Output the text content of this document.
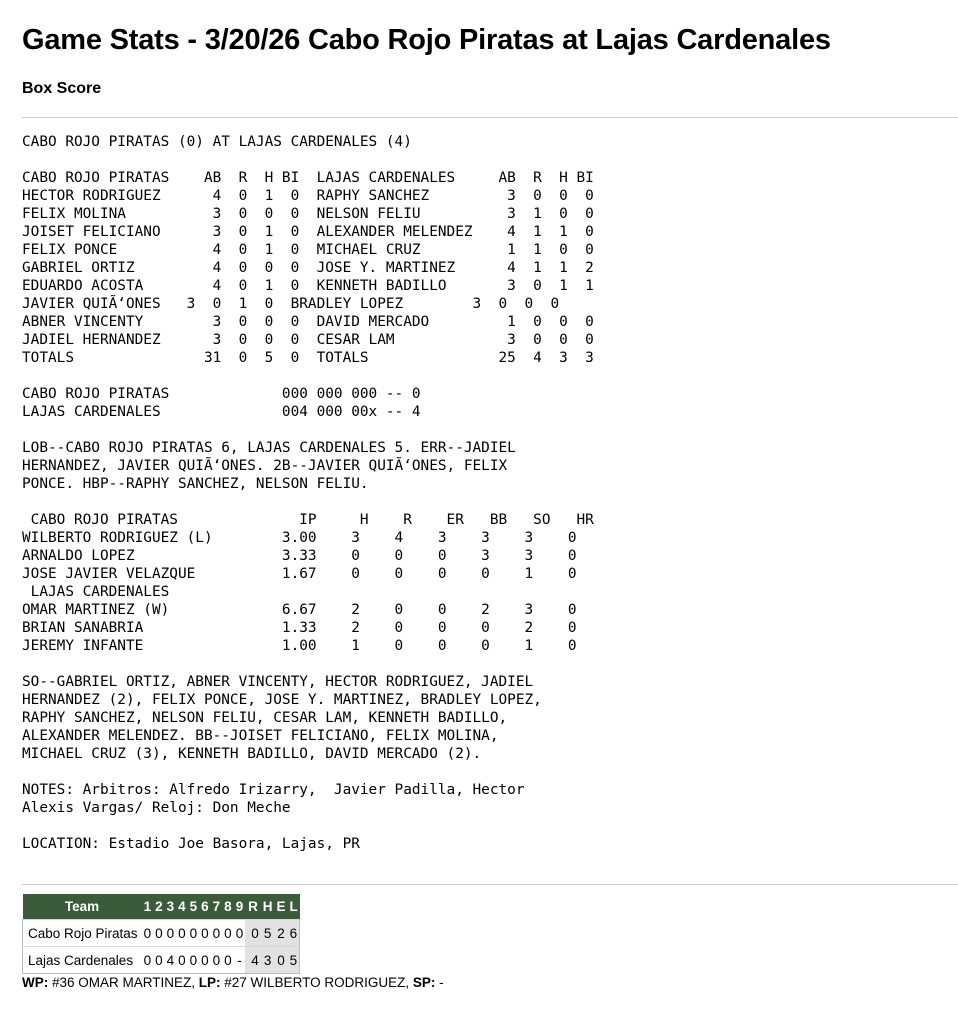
Game Stats - 3/20/26 Cabo Rojo Piratas at Lajas Cardenales
Box Score
CABO ROJO PIRATAS (0) AT LAJAS CARDENALES (4)

CABO ROJO PIRATAS    AB  R  H BI  LAJAS CARDENALES     AB  R  H BI
HECTOR RODRIGUEZ      4  0  1  0  RAPHY SANCHEZ         3  0  0  0
FELIX MOLINA          3  0  0  0  NELSON FELIU          3  1  0  0
JOISET FELICIANO      3  0  1  0  ALEXANDER MELENDEZ    4  1  1  0
FELIX PONCE           4  0  1  0  MICHAEL CRUZ          1  1  0  0
GABRIEL ORTIZ         4  0  0  0  JOSE Y. MARTINEZ      4  1  1  2
EDUARDO ACOSTA        4  0  1  0  KENNETH BADILLO       3  0  1  1
JAVIER QUIÃ‘ONES   3  0  1  0  BRADLEY LOPEZ        3  0  0  0
ABNER VINCENTY        3  0  0  0  DAVID MERCADO         1  0  0  0
JADIEL HERNANDEZ      3  0  0  0  CESAR LAM             3  0  0  0
TOTALS               31  0  5  0  TOTALS               25  4  3  3

CABO ROJO PIRATAS             000 000 000 -- 0
LAJAS CARDENALES              004 000 00x -- 4

LOB--CABO ROJO PIRATAS 6, LAJAS CARDENALES 5. ERR--JADIEL
HERNANDEZ, JAVIER QUIÃ‘ONES. 2B--JAVIER QUIÃ‘ONES, FELIX
PONCE. HBP--RAPHY SANCHEZ, NELSON FELIU.

CABO ROJO PIRATAS              IP     H    R    ER   BB   SO   HR
WILBERTO RODRIGUEZ (L)        3.00    3    4    3    3    3    0
ARNALDO LOPEZ                 3.33    0    0    0    3    3    0
JOSE JAVIER VELAZQUE          1.67    0    0    0    0    1    0
LAJAS CARDENALES
OMAR MARTINEZ (W)             6.67    2    0    0    2    3    0
BRIAN SANABRIA                1.33    2    0    0    0    2    0
JEREMY INFANTE                1.00    1    0    0    0    1    0

SO--GABRIEL ORTIZ, ABNER VINCENTY, HECTOR RODRIGUEZ, JADIEL
HERNANDEZ (2), FELIX PONCE, JOSE Y. MARTINEZ, BRADLEY LOPEZ,
RAPHY SANCHEZ, NELSON FELIU, CESAR LAM, KENNETH BADILLO,
ALEXANDER MELENDEZ. BB--JOISET FELICIANO, FELIX MOLINA,
MICHAEL CRUZ (3), KENNETH BADILLO, DAVID MERCADO (2).

NOTES: Arbitros: Alfredo Irizarry,  Javier Padilla, Hector
Alexis Vargas/ Reloj: Don Meche

LOCATION: Estadio Joe Basora, Lajas, PR
Team	1	2	3	4	5	6	7	8	9	R	H	E	L
Cabo Rojo Piratas	0	0	0	0	0	0	0	0	0	0	5	2	6
Lajas Cardenales	0	0	4	0	0	0	0	0	-	4	3	0	5
WP: #36 OMAR MARTINEZ, LP: #27 WILBERTO RODRIGUEZ, SP: -
